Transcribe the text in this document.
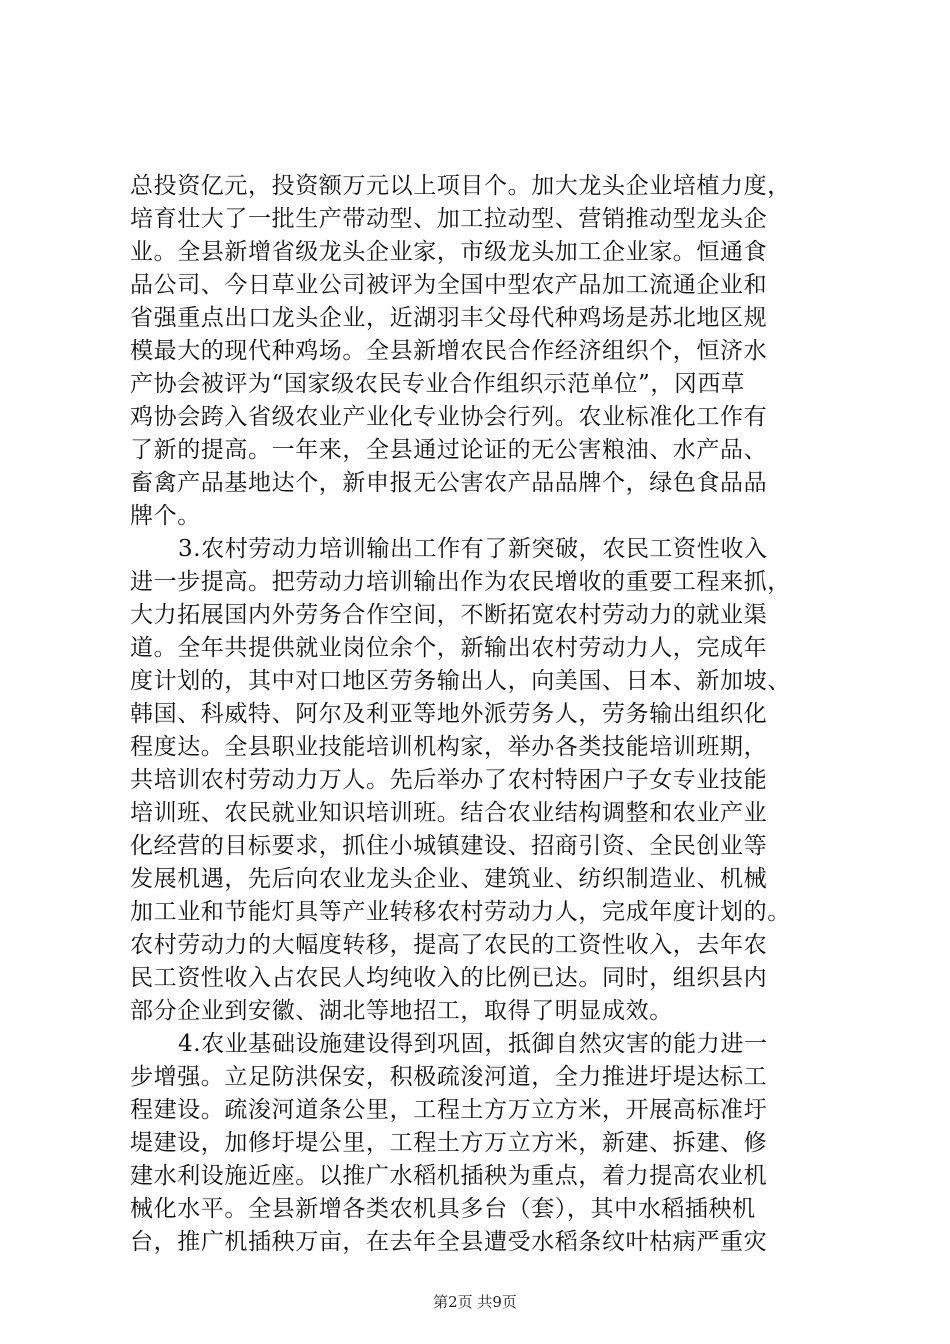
总投资亿元，投资额万元以上项目个。加大龙头企业培植力度，
培育壮大了一批生产带动型、加工拉动型、营销推动型龙头企
业。全县新增省级龙头企业家，市级龙头加工企业家。恒通食
品公司、今日草业公司被评为全国中型农产品加工流通企业和
省强重点出口龙头企业，近湖羽丰父母代种鸡场是苏北地区规
模最大的现代种鸡场。全县新增农民合作经济组织个，恒济水
产协会被评为“国家级农民专业合作组织示范单位”，冈西草
鸡协会跨入省级农业产业化专业协会行列。农业标准化工作有
了新的提高。一年来，全县通过论证的无公害粮油、水产品、
畜禽产品基地达个，新申报无公害农产品品牌个，绿色食品品
牌个。
3.农村劳动力培训输出工作有了新突破，农民工资性收入
进一步提高。把劳动力培训输出作为农民增收的重要工程来抓，
大力拓展国内外劳务合作空间，不断拓宽农村劳动力的就业渠
道。全年共提供就业岗位余个，新输出农村劳动力人，完成年
度计划的，其中对口地区劳务输出人，向美国、日本、新加坡、
韩国、科威特、阿尔及利亚等地外派劳务人，劳务输出组织化
程度达。全县职业技能培训机构家，举办各类技能培训班期，
共培训农村劳动力万人。先后举办了农村特困户子女专业技能
培训班、农民就业知识培训班。结合农业结构调整和农业产业
化经营的目标要求，抓住小城镇建设、招商引资、全民创业等
发展机遇，先后向农业龙头企业、建筑业、纺织制造业、机械
加工业和节能灯具等产业转移农村劳动力人，完成年度计划的。
农村劳动力的大幅度转移，提高了农民的工资性收入，去年农
民工资性收入占农民人均纯收入的比例已达。同时，组织县内
部分企业到安徽、湖北等地招工，取得了明显成效。
4.农业基础设施建设得到巩固，抵御自然灾害的能力进一
步增强。立足防洪保安，积极疏浚河道，全力推进圩堤达标工
程建设。疏浚河道条公里，工程土方万立方米，开展高标准圩
堤建设，加修圩堤公里，工程土方万立方米，新建、拆建、修
建水利设施近座。以推广水稻机插秧为重点，着力提高农业机
械化水平。全县新增各类农机具多台（套），其中水稻插秧机
台，推广机插秧万亩，在去年全县遭受水稻条纹叶枯病严重灾
第2页 共9页
